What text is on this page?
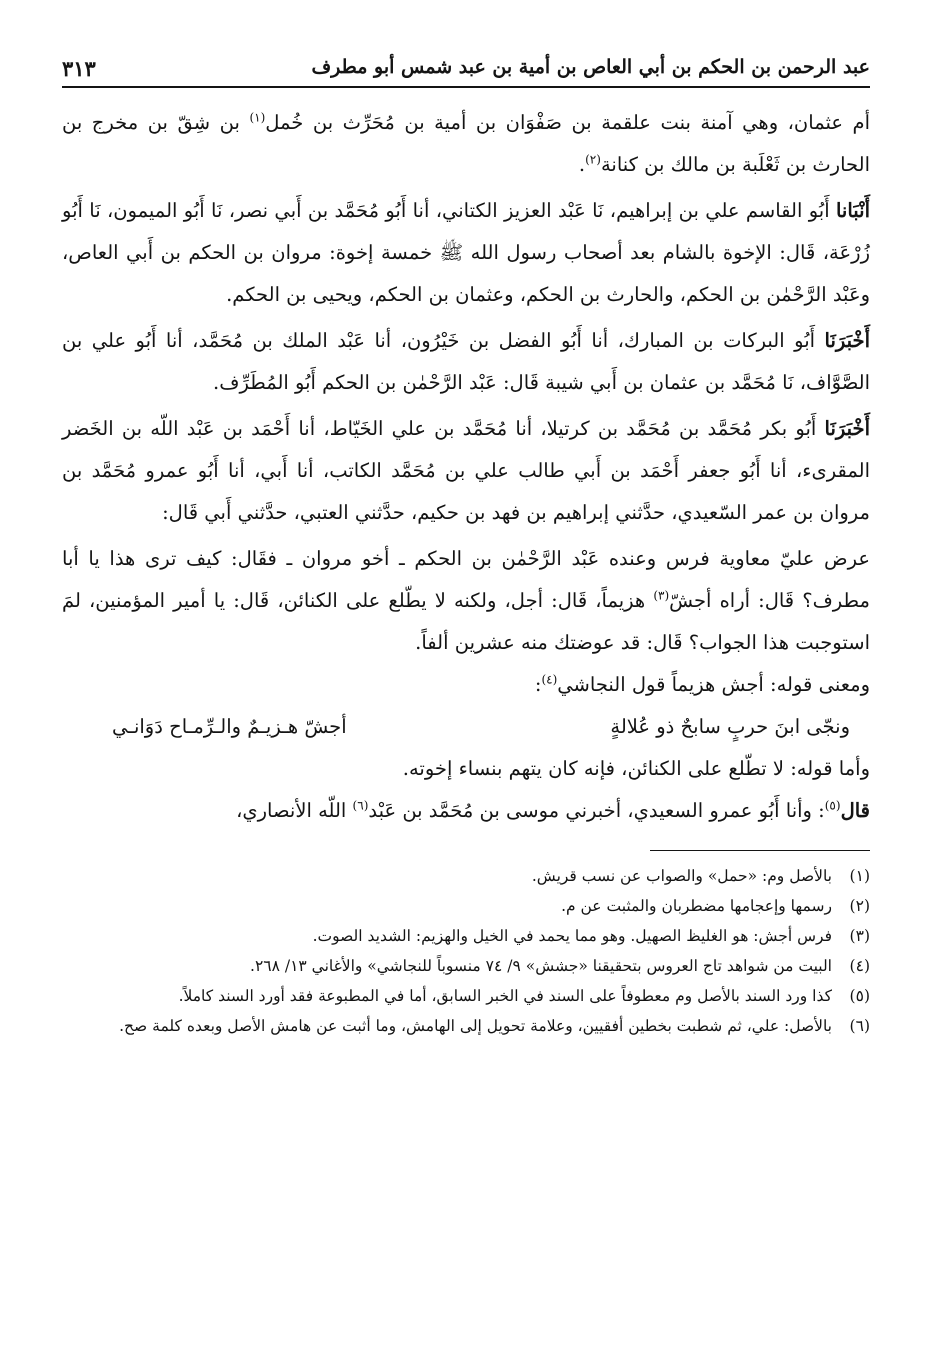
عبد الرحمن بن الحكم بن أبي العاص بن أمية بن عبد شمس أبو مطرف
٣١٣

أم عثمان، وهي آمنة بنت علقمة بن صَفْوَان بن أمية بن مُحَرِّث بن خُمل$^{(١)}$ بن شِقّ بن مخرج بن الحارث بن ثَعْلَبة بن مالك بن كنانة$^{(٢)}$.

أَنْبَانا أَبُو القاسم علي بن إبراهيم، نَا عَبْد العزيز الكتاني، أنا أَبُو مُحَمَّد بن أَبي نصر، نَا أَبُو الميمون، نَا أَبُو زُرْعَة، قَال: الإخوة بالشام بعد أصحاب رسول الله ﷺ خمسة إخوة: مروان بن الحكم بن أَبي العاص، وعَبْد الرَّحْمٰن بن الحكم، والحارث بن الحكم، وعثمان بن الحكم، ويحيى بن الحكم.

أَخْبَرَنَا أَبُو البركات بن المبارك، أنا أَبُو الفضل بن خَيْرُون، أنا عَبْد الملك بن مُحَمَّد، أنا أَبُو علي بن الصَّوَّاف، نَا مُحَمَّد بن عثمان بن أَبي شيبة قَال: عَبْد الرَّحْمٰن بن الحكم أَبُو المُطَرِّف.

أَخْبَرَنَا أَبُو بكر مُحَمَّد بن مُحَمَّد بن كرتيلا، أنا مُحَمَّد بن علي الخَيّاط، أنا أَحْمَد بن عَبْد اللّه بن الخَضر المقرىء، أنا أَبُو جعفر أَحْمَد بن أَبي طالب علي بن مُحَمَّد الكاتب، أنا أَبي، أنا أَبُو عمرو مُحَمَّد بن مروان بن عمر السّعيدي، حدَّثني إبراهيم بن فهد بن حكيم، حدَّثني العتبي، حدَّثني أَبي قَال:

عرض عليّ معاوية فرس وعنده عَبْد الرَّحْمٰن بن الحكم ـ أخو مروان ـ فقَال: كيف ترى هذا يا أبا مطرف؟ قَال: أراه أجشّ$^{(٣)}$ هزيماً، قَال: أجل، ولكنه لا يطّلع على الكنائن، قَال: يا أمير المؤمنين، لمَ استوجبت هذا الجواب؟ قَال: قد عوضتك منه عشرين ألفاً.

ومعنى قوله: أجش هزيماً قول النجاشي$^{(٤)}$:

ونجّى ابنَ حربٍ سابحٌ ذو عُلالةٍ
أجشّ هـزيـمٌ والـرِّمـاح دَوَانـي

وأما قوله: لا تطّلع على الكنائن، فإنه كان يتهم بنساء إخوته.

قال$^{(٥)}$: وأنا أَبُو عمرو السعيدي، أخبرني موسى بن مُحَمَّد بن عَبْد$^{(٦)}$ اللّه الأنصاري،

(١)
بالأصل وم: «حمل» والصواب عن نسب قريش.
(٢)
رسمها وإعجامها مضطربان والمثبت عن م.
(٣)
فرس أجش: هو الغليظ الصهيل. وهو مما يحمد في الخيل والهزيم: الشديد الصوت.
(٤)
البيت من شواهد تاج العروس بتحقيقنا «جشش» ٩/ ٧٤ منسوباً للنجاشي» والأغاني ١٣/ ٢٦٨.
(٥)
كذا ورد السند بالأصل وم معطوفاً على السند في الخبر السابق، أما في المطبوعة فقد أورد السند كاملاً.
(٦)
بالأصل: علي، ثم شطبت بخطين أفقيين، وعلامة تحويل إلى الهامش، وما أثبت عن هامش الأصل وبعده كلمة صح.
